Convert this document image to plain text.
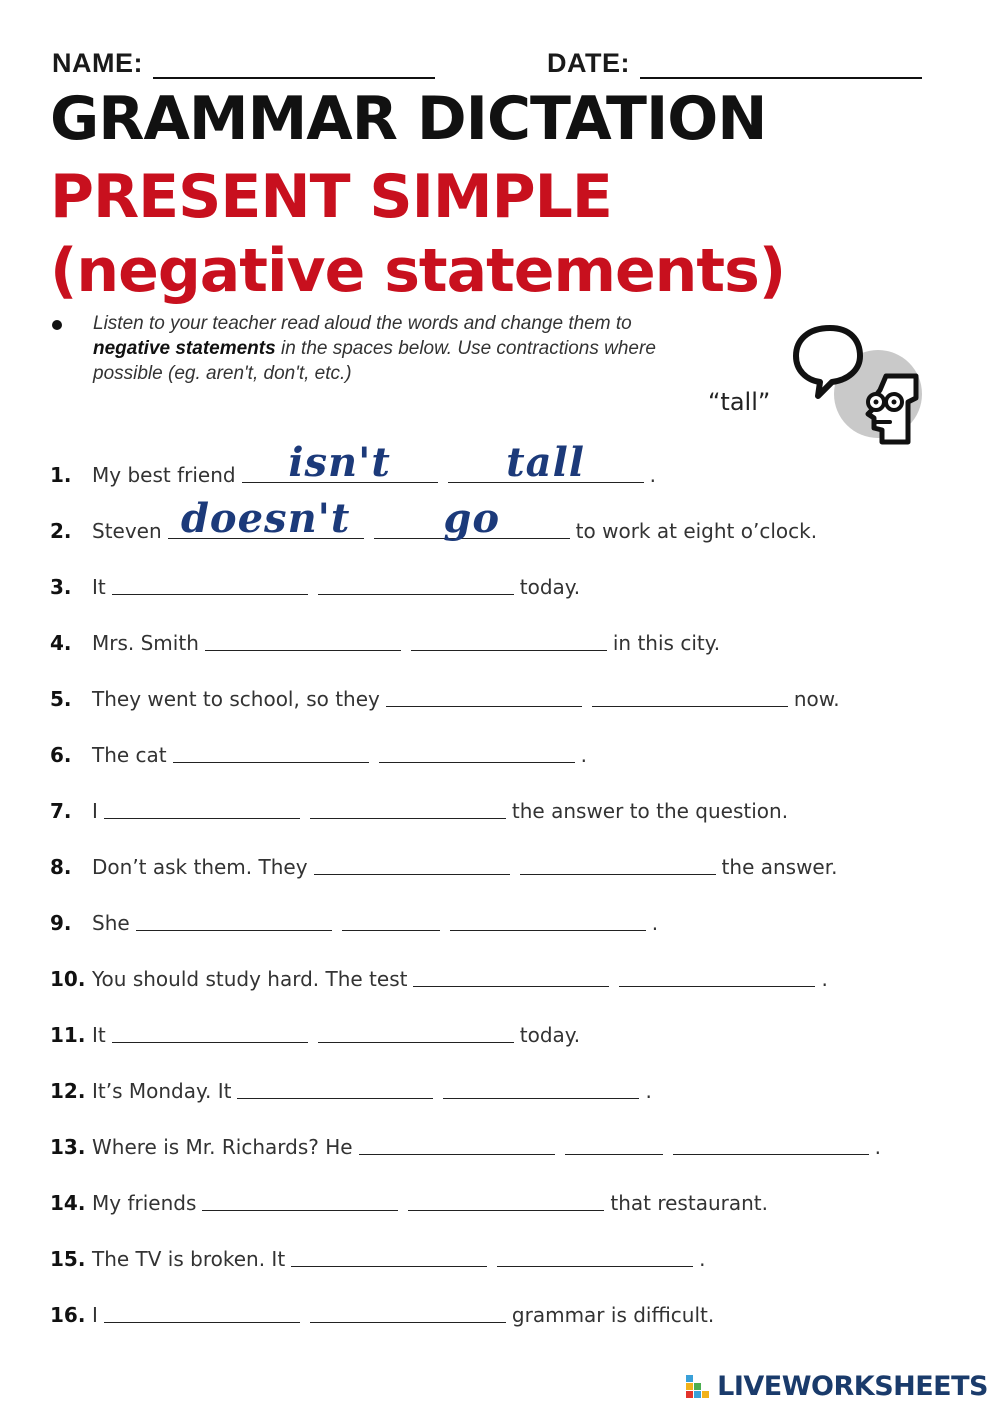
NAME:	DATE:
GRAMMAR DICTATION
PRESENT SIMPLE (negative statements)
Listen to your teacher read aloud the words and change them to negative statements in the spaces below. Use contractions where possible (eg. aren't, don't, etc.)
“tall”
1.	My best friend	isn't	tall	.
2.	Steven doesn't	go	to work at eight o’clock.
3.	It	today.
4.	Mrs. Smith	in this city.
5.	They went to school, so they	now.
6.	The cat	.
7.	I	the answer to the question.
8.	Don’t ask them. They	the answer.
9.	She	.
10. You should study hard. The test	.
11. It	today.
12. It’s Monday. It	.
13. Where is Mr. Richards? He	.
14. My friends	that restaurant.
15. The TV is broken. It	.
16. I	grammar is difficult.
LIVEWORKSHEETS
